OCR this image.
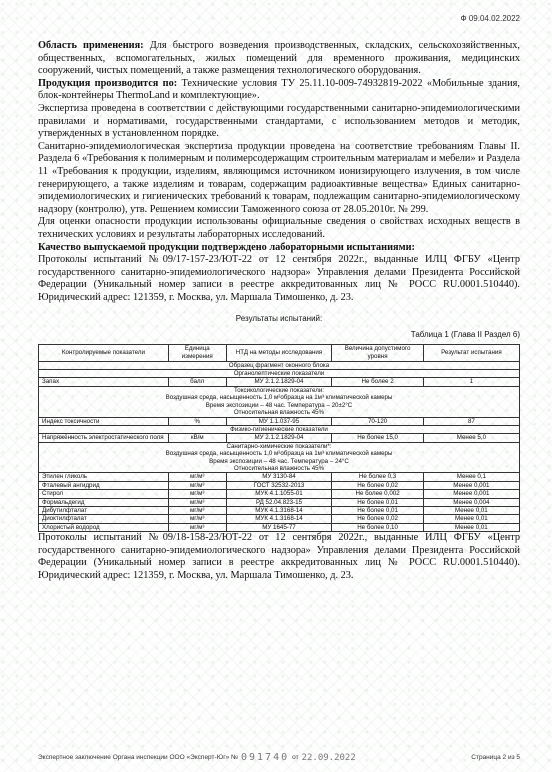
Ф 09.04.02.2022

Область применения: Для быстрого возведения производственных, складских, сельскохозяйственных, общественных, вспомогательных, жилых помещений для временного проживания, медицинских сооружений, чистых помещений, а также размещения технологического оборудования.

Продукция производится по: Технические условия ТУ 25.11.10-009-74932819-2022 «Мобильные здания, блок-контейнеры ThermoLand и комплектующие».

Экспертиза проведена в соответствии с действующими государственными санитарно-эпидемиологическими правилами и нормативами, государственными стандартами, с использованием методов и методик, утвержденных в установленном порядке.

Санитарно-эпидемиологическая экспертиза продукции проведена на соответствие требованиям Главы II. Раздела 6 «Требования к полимерным и полимерсодержащим строительным материалам и мебели» и Раздела 11 «Требования к продукции, изделиям, являющимся источником ионизирующего излучения, в том числе генерирующего, а также изделиям и товарам, содержащим радиоактивные вещества» Единых санитарно-эпидемиологических и гигиенических требований к товарам, подлежащим санитарно-эпидемиологическому надзору (контролю), утв. Решением комиссии Таможенного союза от 28.05.2010г. № 299.

Для оценки опасности продукции использованы официальные сведения о свойствах исходных веществ в технических условиях и результаты лабораторных исследований.

Качество выпускаемой продукции подтверждено лабораторными испытаниями:

Протоколы испытаний №09/17-157-23/ЮТ-22 от 12 сентября 2022г., выданные ИЛЦ ФГБУ «Центр государственного санитарно-эпидемиологического надзора» Управления делами Президента Российской Федерации (Уникальный номер записи в реестре аккредитованных лиц № РОСС RU.0001.510440). Юридический адрес: 121359, г. Москва, ул. Маршала Тимошенко, д. 23.

Результаты испытаний:
Таблица 1 (Глава II Раздел 6)
Контролируемые показатели	Единица измерения	НТД на методы исследования	Величина допустимого уровня	Результат испытания
Образец фрагмент оконного блока				
Органолептические показатели				
Запах	балл	МУ 2.1.2.1829-04	Не более 2	1

Токсикологические показатели:
Воздушная среда, насыщенность 1,0 м²образца на 1м³ климатической камеры
Время экспозиции – 48 час. Температура – 20±2°С
Относительная влажность 45%				

Индекс токсичности	%	МУ 1.1.037-95	70-120	87
Физико-гигиенические показатели				
Напряжённость электростатического поля	кВ/м	МУ 2.1.2.1829-04	Не более 15,0	Менее 5,0

Санитарно-химические показатели*:
Воздушная среда, насыщенность 1,0 м²образца на 1м³ климатической камеры
Время экспозиции – 48 час. Температура – 24°С
Относительная влажность 45%				

Этилен гликоль	мг/м³	МУ 3130-84	Не более 0,3	Менее 0,1
Фталевый ангидрид	мг/м³	ГОСТ 32532-2013	Не более 0,02	Менее 0,001
Стирол	мг/м³	МУК 4.1.1055-01	Не более 0,002	Менее 0,001
Формальдегид	мг/м³	РД 52.04.823-15	Не более 0,01	Менее 0,004
Дибутилфталат	мг/м³	МУК 4.1.3168-14	Не более 0,01	Менее 0,01
Диоктилфталат	мг/м³	МУК 4.1.3168-14	Не более 0,02	Менее 0,01
Хлористый водород	мг/м³	МУ 1645-77	Не более 0,10	Менее 0,01

Протоколы испытаний №09/18-158-23/ЮТ-22 от 12 сентября 2022г., выданные ИЛЦ ФГБУ «Центр государственного санитарно-эпидемиологического надзора» Управления делами Президента Российской Федерации (Уникальный номер записи в реестре аккредитованных лиц № РОСС RU.0001.510440). Юридический адрес: 121359, г. Москва, ул. Маршала Тимошенко, д. 23.

Экспертное заключение Органа инспекции ООО «Эксперт-Юг» № 091740 от 22.09.2022	Страница 2 из 5
